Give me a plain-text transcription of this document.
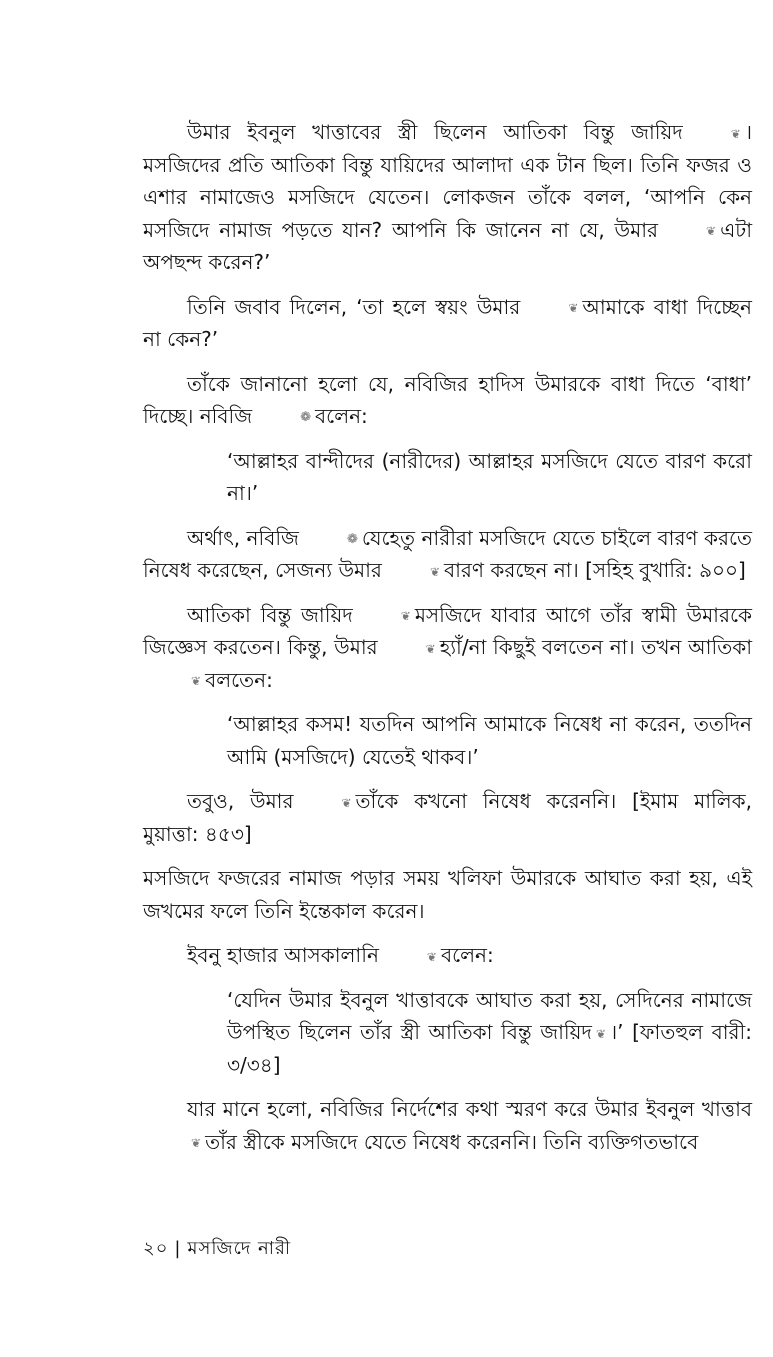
উমার ইবনুল খাত্তাবের স্ত্রী ছিলেন আতিকা বিন্তু জায়িদ	❦ । মসজিদের প্রতি আতিকা বিন্তু যায়িদের আলাদা এক টান ছিল। তিনি ফজর ও এশার নামাজেও মসজিদে যেতেন। লোকজন তাঁকে বলল, ‘আপনি কেন মসজিদে নামাজ পড়তে যান? আপনি কি জানেন না যে, উমার	❦ এটা অপছন্দ করেন?’

তিনি জবাব দিলেন, ‘তা হলে স্বয়ং উমার	❦ আমাকে বাধা দিচ্ছেন না কেন?’

তাঁকে জানানো হলো যে, নবিজির হাদিস উমারকে বাধা দিতে ‘বাধা’ দিচ্ছে। নবিজি	❁ বলেন:

‘আল্লাহর বান্দীদের (নারীদের) আল্লাহর মসজিদে যেতে বারণ করো না।’

অর্থাৎ, নবিজি	❁ যেহেতু নারীরা মসজিদে যেতে চাইলে বারণ করতে নিষেধ করেছেন, সেজন্য উমার	❦ বারণ করছেন না। [সহিহ বুখারি: ৯০০]

আতিকা বিন্তু জায়িদ	❦ মসজিদে যাবার আগে তাঁর স্বামী উমারকে জিজ্ঞেস করতেন। কিন্তু, উমার	❦ হ্যাঁ/না কিছুই বলতেন না। তখন আতিকা❦ বলতেন:

‘আল্লাহর কসম! যতদিন আপনি আমাকে নিষেধ না করেন, ততদিন আমি (মসজিদে) যেতেই থাকব।’

তবুও, উমার	❦ তাঁকে কখনো নিষেধ করেননি। [ইমাম মালিক, মুয়াত্তা: ৪৫৩]

মসজিদে ফজরের নামাজ পড়ার সময় খলিফা উমারকে আঘাত করা হয়, এই জখমের ফলে তিনি ইন্তেকাল করেন।

ইবনু হাজার আসকালানি	❦ বলেন:

‘যেদিন উমার ইবনুল খাত্তাবকে আঘাত করা হয়, সেদিনের নামাজে উপস্থিত ছিলেন তাঁর স্ত্রী আতিকা বিন্তু জায়িদ ❦ ।’ [ফাতহুল বারী: ৩/৩৪]

যার মানে হলো, নবিজির নির্দেশের কথা স্মরণ করে উমার ইবনুল খাত্তাব❦ তাঁর স্ত্রীকে মসজিদে যেতে নিষেধ করেননি। তিনি ব্যক্তিগতভাবে

২০ | মসজিদে নারী
